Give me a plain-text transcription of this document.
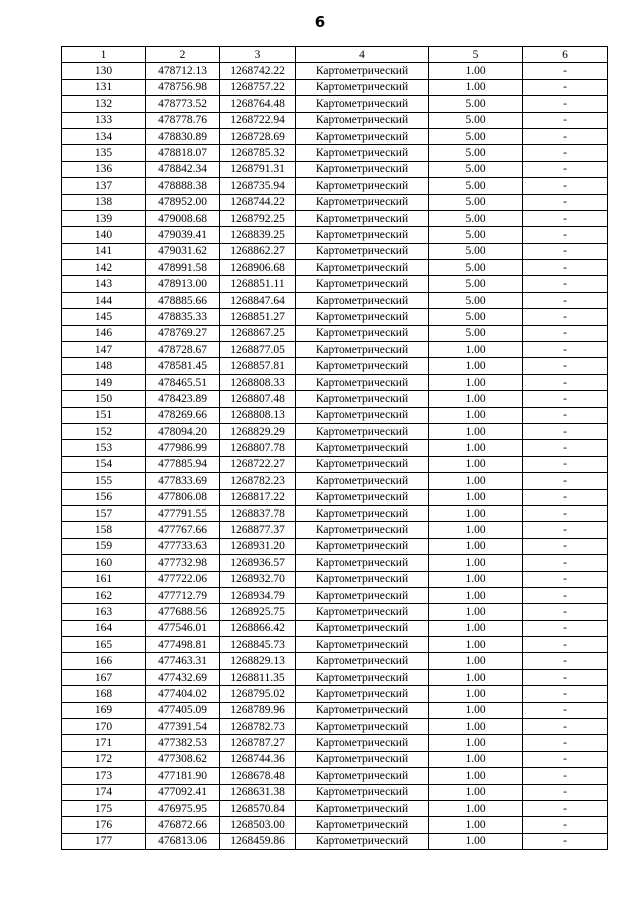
6
1	2	3	4	5	6
130	478712.13	1268742.22	Картометрический	1.00	-
131	478756.98	1268757.22	Картометрический	1.00	-
132	478773.52	1268764.48	Картометрический	5.00	-
133	478778.76	1268722.94	Картометрический	5.00	-
134	478830.89	1268728.69	Картометрический	5.00	-
135	478818.07	1268785.32	Картометрический	5.00	-
136	478842.34	1268791.31	Картометрический	5.00	-
137	478888.38	1268735.94	Картометрический	5.00	-
138	478952.00	1268744.22	Картометрический	5.00	-
139	479008.68	1268792.25	Картометрический	5.00	-
140	479039.41	1268839.25	Картометрический	5.00	-
141	479031.62	1268862.27	Картометрический	5.00	-
142	478991.58	1268906.68	Картометрический	5.00	-
143	478913.00	1268851.11	Картометрический	5.00	-
144	478885.66	1268847.64	Картометрический	5.00	-
145	478835.33	1268851.27	Картометрический	5.00	-
146	478769.27	1268867.25	Картометрический	5.00	-
147	478728.67	1268877.05	Картометрический	1.00	-
148	478581.45	1268857.81	Картометрический	1.00	-
149	478465.51	1268808.33	Картометрический	1.00	-
150	478423.89	1268807.48	Картометрический	1.00	-
151	478269.66	1268808.13	Картометрический	1.00	-
152	478094.20	1268829.29	Картометрический	1.00	-
153	477986.99	1268807.78	Картометрический	1.00	-
154	477885.94	1268722.27	Картометрический	1.00	-
155	477833.69	1268782.23	Картометрический	1.00	-
156	477806.08	1268817.22	Картометрический	1.00	-
157	477791.55	1268837.78	Картометрический	1.00	-
158	477767.66	1268877.37	Картометрический	1.00	-
159	477733.63	1268931.20	Картометрический	1.00	-
160	477732.98	1268936.57	Картометрический	1.00	-
161	477722.06	1268932.70	Картометрический	1.00	-
162	477712.79	1268934.79	Картометрический	1.00	-
163	477688.56	1268925.75	Картометрический	1.00	-
164	477546.01	1268866.42	Картометрический	1.00	-
165	477498.81	1268845.73	Картометрический	1.00	-
166	477463.31	1268829.13	Картометрический	1.00	-
167	477432.69	1268811.35	Картометрический	1.00	-
168	477404.02	1268795.02	Картометрический	1.00	-
169	477405.09	1268789.96	Картометрический	1.00	-
170	477391.54	1268782.73	Картометрический	1.00	-
171	477382.53	1268787.27	Картометрический	1.00	-
172	477308.62	1268744.36	Картометрический	1.00	-
173	477181.90	1268678.48	Картометрический	1.00	-
174	477092.41	1268631.38	Картометрический	1.00	-
175	476975.95	1268570.84	Картометрический	1.00	-
176	476872.66	1268503.00	Картометрический	1.00	-
177	476813.06	1268459.86	Картометрический	1.00	-
